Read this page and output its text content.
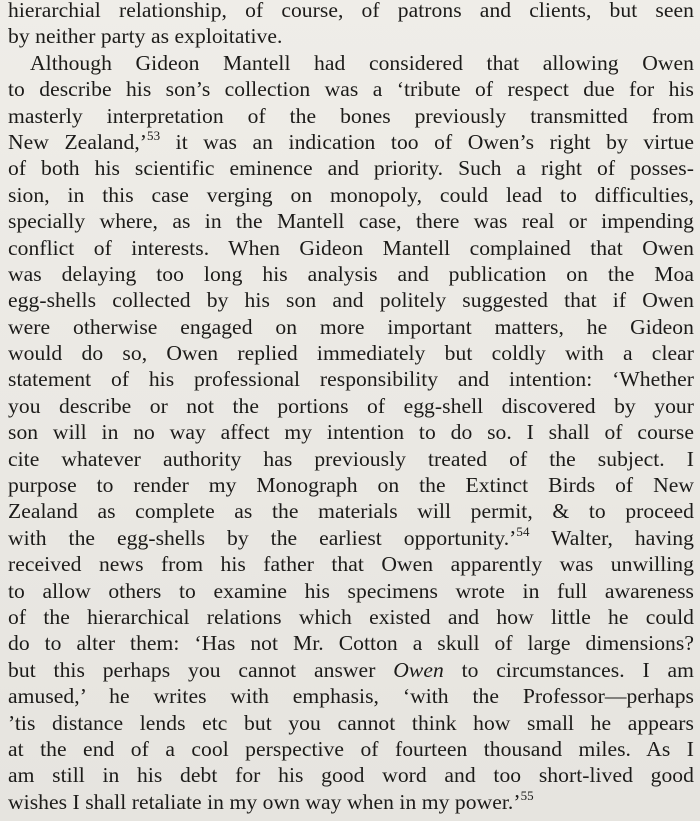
hierarchial relationship, of course, of patrons and clients, but seen
by neither party as exploitative.
Although Gideon Mantell had considered that allowing Owen
to describe his son’s collection was a ‘tribute of respect due for his
masterly interpretation of the bones previously transmitted from
New Zealand,’$^{53}$ it was an indication too of Owen’s right by virtue
of both his scientific eminence and priority. Such a right of posses-
sion, in this case verging on monopoly, could lead to difficulties,
specially where, as in the Mantell case, there was real or impending
conflict of interests. When Gideon Mantell complained that Owen
was delaying too long his analysis and publication on the Moa
egg-shells collected by his son and politely suggested that if Owen
were otherwise engaged on more important matters, he Gideon
would do so, Owen replied immediately but coldly with a clear
statement of his professional responsibility and intention: ‘Whether
you describe or not the portions of egg-shell discovered by your
son will in no way affect my intention to do so. I shall of course
cite whatever authority has previously treated of the subject. I
purpose to render my Monograph on the Extinct Birds of New
Zealand as complete as the materials will permit, & to proceed
with the egg-shells by the earliest opportunity.’$^{54}$ Walter, having
received news from his father that Owen apparently was unwilling
to allow others to examine his specimens wrote in full awareness
of the hierarchical relations which existed and how little he could
do to alter them: ‘Has not Mr. Cotton a skull of large dimensions?
but this perhaps you cannot answer Owen to circumstances. I am
amused,’ he writes with emphasis, ‘with the Professor—perhaps
’tis distance lends etc but you cannot think how small he appears
at the end of a cool perspective of fourteen thousand miles. As I
am still in his debt for his good word and too short-lived good
wishes I shall retaliate in my own way when in my power.’$^{55}$
